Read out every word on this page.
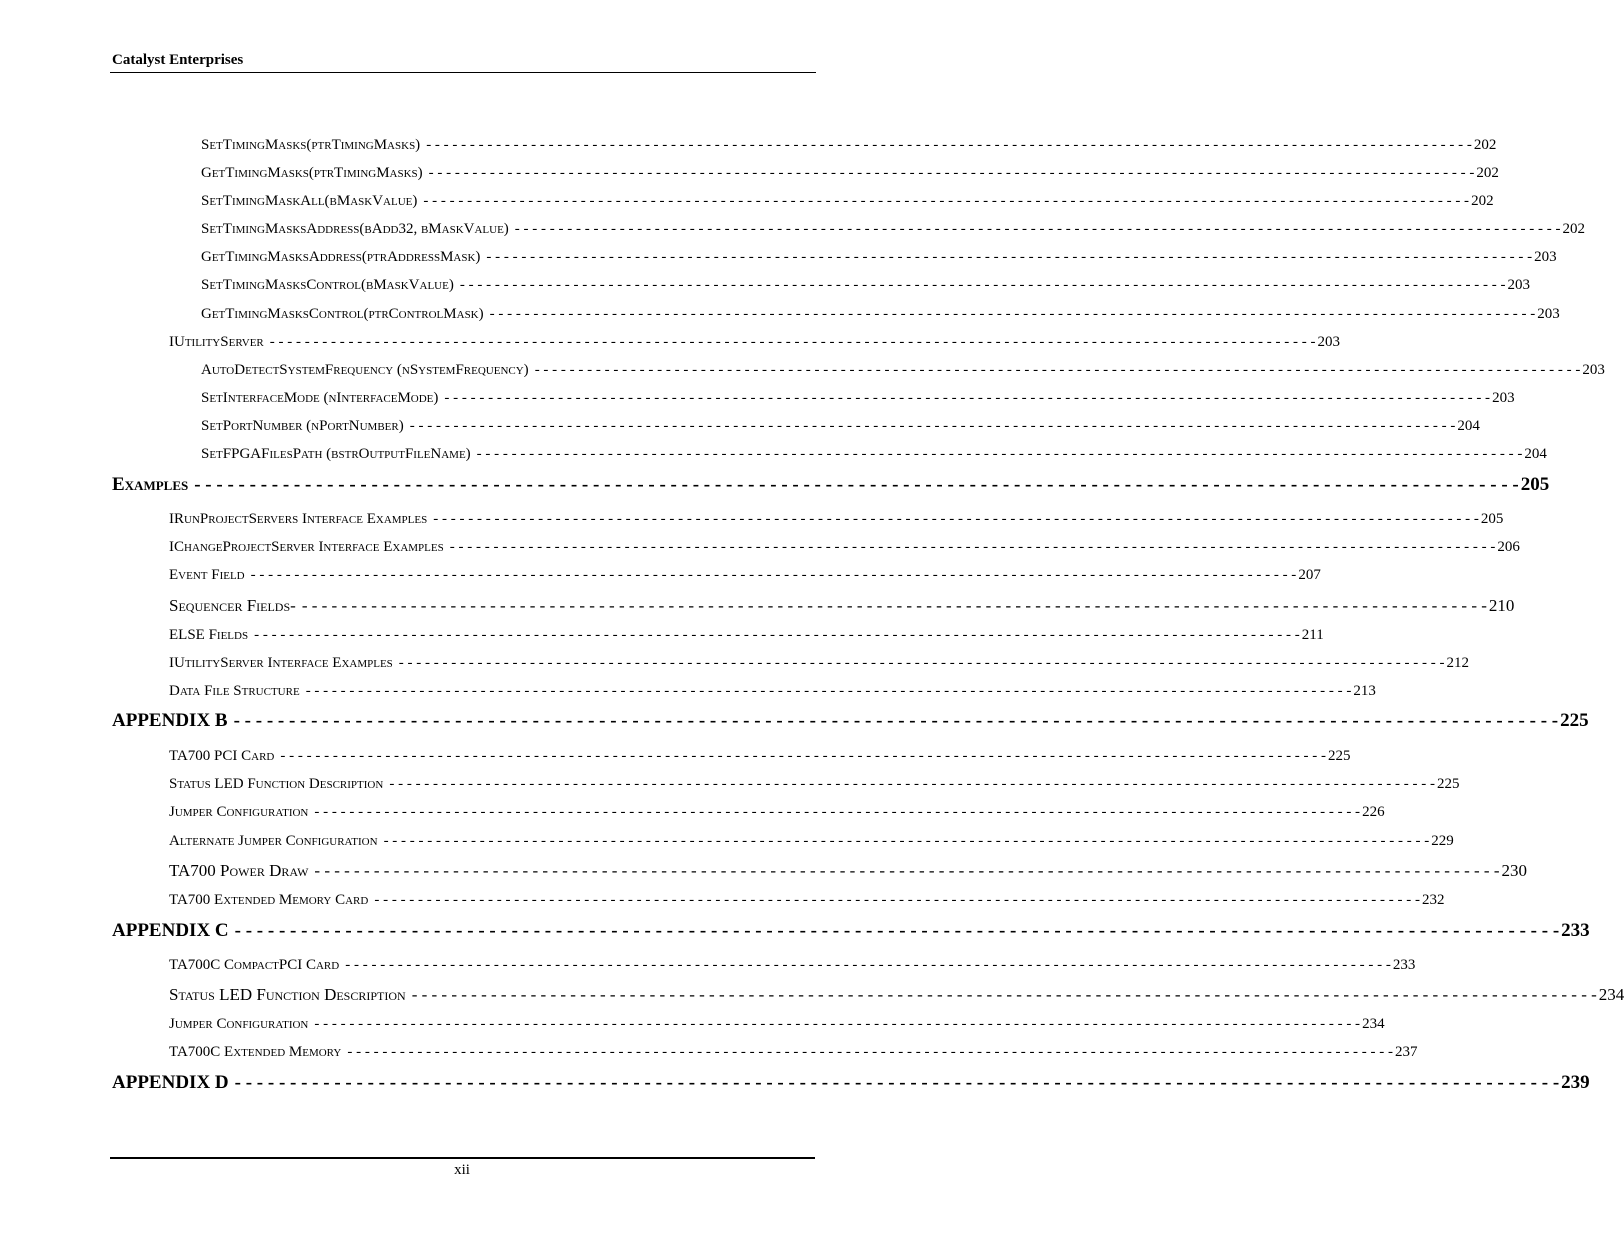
Catalyst Enterprises
SetTimingMasks(ptrTimingMasks) - - - - - - - - - - - - - - - - - - - - - - - - - - - - - - - - - - - - - - - - - - - - - - - - - - - - - - - - - - - - - - - - - - - - - - - - - - - - - - - - - - - - - - - - - - - - - - - - - - - - - - - - - - - - - - - - - - - - - - - - 202
GetTimingMasks(ptrTimingMasks) - - - - - - - - - - - - - - - - - - - - - - - - - - - - - - - - - - - - - - - - - - - - - - - - - - - - - - - - - - - - - - - - - - - - - - - - - - - - - - - - - - - - - - - - - - - - - - - - - - - - - - - - - - - - - - - - - - - - - - - - 202
SetTimingMaskAll(bMaskValue) - - - - - - - - - - - - - - - - - - - - - - - - - - - - - - - - - - - - - - - - - - - - - - - - - - - - - - - - - - - - - - - - - - - - - - - - - - - - - - - - - - - - - - - - - - - - - - - - - - - - - - - - - - - - - - - - - - - - - - - - 202
SetTimingMasksAddress(bAdd32, bMaskValue) - - - - - - - - - - - - - - - - - - - - - - - - - - - - - - - - - - - - - - - - - - - - - - - - - - - - - - - - - - - - - - - - - - - - - - - - - - - - - - - - - - - - - - - - - - - - - - - - - - - - - - - - - - - - - - - - - - - - - - - - 202
GetTimingMasksAddress(ptrAddressMask) - - - - - - - - - - - - - - - - - - - - - - - - - - - - - - - - - - - - - - - - - - - - - - - - - - - - - - - - - - - - - - - - - - - - - - - - - - - - - - - - - - - - - - - - - - - - - - - - - - - - - - - - - - - - - - - - - - - - - - - - 203
SetTimingMasksControl(bMaskValue) - - - - - - - - - - - - - - - - - - - - - - - - - - - - - - - - - - - - - - - - - - - - - - - - - - - - - - - - - - - - - - - - - - - - - - - - - - - - - - - - - - - - - - - - - - - - - - - - - - - - - - - - - - - - - - - - - - - - - - - - 203
GetTimingMasksControl(ptrControlMask) - - - - - - - - - - - - - - - - - - - - - - - - - - - - - - - - - - - - - - - - - - - - - - - - - - - - - - - - - - - - - - - - - - - - - - - - - - - - - - - - - - - - - - - - - - - - - - - - - - - - - - - - - - - - - - - - - - - - - - - - 203
IUtilityServer - - - - - - - - - - - - - - - - - - - - - - - - - - - - - - - - - - - - - - - - - - - - - - - - - - - - - - - - - - - - - - - - - - - - - - - - - - - - - - - - - - - - - - - - - - - - - - - - - - - - - - - - - - - - - - - - - - - - - - - - 203
AutoDetectSystemFrequency (nSystemFrequency) - - - - - - - - - - - - - - - - - - - - - - - - - - - - - - - - - - - - - - - - - - - - - - - - - - - - - - - - - - - - - - - - - - - - - - - - - - - - - - - - - - - - - - - - - - - - - - - - - - - - - - - - - - - - - - - - - - - - - - - - 203
SetInterfaceMode (nInterfaceMode) - - - - - - - - - - - - - - - - - - - - - - - - - - - - - - - - - - - - - - - - - - - - - - - - - - - - - - - - - - - - - - - - - - - - - - - - - - - - - - - - - - - - - - - - - - - - - - - - - - - - - - - - - - - - - - - - - - - - - - - - 203
SetPortNumber (nPortNumber) - - - - - - - - - - - - - - - - - - - - - - - - - - - - - - - - - - - - - - - - - - - - - - - - - - - - - - - - - - - - - - - - - - - - - - - - - - - - - - - - - - - - - - - - - - - - - - - - - - - - - - - - - - - - - - - - - - - - - - - - 204
SetFPGAFilesPath (bstrOutputFileName) - - - - - - - - - - - - - - - - - - - - - - - - - - - - - - - - - - - - - - - - - - - - - - - - - - - - - - - - - - - - - - - - - - - - - - - - - - - - - - - - - - - - - - - - - - - - - - - - - - - - - - - - - - - - - - - - - - - - - - - - 204
Examples - - - - - - - - - - - - - - - - - - - - - - - - - - - - - - - - - - - - - - - - - - - - - - - - - - - - - - - - - - - - - - - - - - - - - - - - - - - - - - - - - - - - - - - - - - - - - - - - - - - - - - - - - - - - - - - - - - - - - - - - 205
IRunProjectServers Interface Examples - - - - - - - - - - - - - - - - - - - - - - - - - - - - - - - - - - - - - - - - - - - - - - - - - - - - - - - - - - - - - - - - - - - - - - - - - - - - - - - - - - - - - - - - - - - - - - - - - - - - - - - - - - - - - - - - - - - - - - - - 205
IChangeProjectServer Interface Examples - - - - - - - - - - - - - - - - - - - - - - - - - - - - - - - - - - - - - - - - - - - - - - - - - - - - - - - - - - - - - - - - - - - - - - - - - - - - - - - - - - - - - - - - - - - - - - - - - - - - - - - - - - - - - - - - - - - - - - - - 206
Event Field - - - - - - - - - - - - - - - - - - - - - - - - - - - - - - - - - - - - - - - - - - - - - - - - - - - - - - - - - - - - - - - - - - - - - - - - - - - - - - - - - - - - - - - - - - - - - - - - - - - - - - - - - - - - - - - - - - - - - - - - 207
Sequencer Fields- - - - - - - - - - - - - - - - - - - - - - - - - - - - - - - - - - - - - - - - - - - - - - - - - - - - - - - - - - - - - - - - - - - - - - - - - - - - - - - - - - - - - - - - - - - - - - - - - - - - - - - - - - - - - - - - - - - - - - - - - 210
ELSE Fields - - - - - - - - - - - - - - - - - - - - - - - - - - - - - - - - - - - - - - - - - - - - - - - - - - - - - - - - - - - - - - - - - - - - - - - - - - - - - - - - - - - - - - - - - - - - - - - - - - - - - - - - - - - - - - - - - - - - - - - - 211
IUtilityServer Interface Examples - - - - - - - - - - - - - - - - - - - - - - - - - - - - - - - - - - - - - - - - - - - - - - - - - - - - - - - - - - - - - - - - - - - - - - - - - - - - - - - - - - - - - - - - - - - - - - - - - - - - - - - - - - - - - - - - - - - - - - - - 212
Data File Structure - - - - - - - - - - - - - - - - - - - - - - - - - - - - - - - - - - - - - - - - - - - - - - - - - - - - - - - - - - - - - - - - - - - - - - - - - - - - - - - - - - - - - - - - - - - - - - - - - - - - - - - - - - - - - - - - - - - - - - - - 213
APPENDIX B - - - - - - - - - - - - - - - - - - - - - - - - - - - - - - - - - - - - - - - - - - - - - - - - - - - - - - - - - - - - - - - - - - - - - - - - - - - - - - - - - - - - - - - - - - - - - - - - - - - - - - - - - - - - - - - - - - - - - - - - 225
TA700 PCI Card - - - - - - - - - - - - - - - - - - - - - - - - - - - - - - - - - - - - - - - - - - - - - - - - - - - - - - - - - - - - - - - - - - - - - - - - - - - - - - - - - - - - - - - - - - - - - - - - - - - - - - - - - - - - - - - - - - - - - - - - 225
Status LED Function Description - - - - - - - - - - - - - - - - - - - - - - - - - - - - - - - - - - - - - - - - - - - - - - - - - - - - - - - - - - - - - - - - - - - - - - - - - - - - - - - - - - - - - - - - - - - - - - - - - - - - - - - - - - - - - - - - - - - - - - - - 225
Jumper Configuration - - - - - - - - - - - - - - - - - - - - - - - - - - - - - - - - - - - - - - - - - - - - - - - - - - - - - - - - - - - - - - - - - - - - - - - - - - - - - - - - - - - - - - - - - - - - - - - - - - - - - - - - - - - - - - - - - - - - - - - - 226
Alternate Jumper Configuration - - - - - - - - - - - - - - - - - - - - - - - - - - - - - - - - - - - - - - - - - - - - - - - - - - - - - - - - - - - - - - - - - - - - - - - - - - - - - - - - - - - - - - - - - - - - - - - - - - - - - - - - - - - - - - - - - - - - - - - - 229
TA700 Power Draw - - - - - - - - - - - - - - - - - - - - - - - - - - - - - - - - - - - - - - - - - - - - - - - - - - - - - - - - - - - - - - - - - - - - - - - - - - - - - - - - - - - - - - - - - - - - - - - - - - - - - - - - - - - - - - - - - - - - - - - - 230
TA700 Extended Memory Card - - - - - - - - - - - - - - - - - - - - - - - - - - - - - - - - - - - - - - - - - - - - - - - - - - - - - - - - - - - - - - - - - - - - - - - - - - - - - - - - - - - - - - - - - - - - - - - - - - - - - - - - - - - - - - - - - - - - - - - - 232
APPENDIX C - - - - - - - - - - - - - - - - - - - - - - - - - - - - - - - - - - - - - - - - - - - - - - - - - - - - - - - - - - - - - - - - - - - - - - - - - - - - - - - - - - - - - - - - - - - - - - - - - - - - - - - - - - - - - - - - - - - - - - - - 233
TA700C CompactPCI Card - - - - - - - - - - - - - - - - - - - - - - - - - - - - - - - - - - - - - - - - - - - - - - - - - - - - - - - - - - - - - - - - - - - - - - - - - - - - - - - - - - - - - - - - - - - - - - - - - - - - - - - - - - - - - - - - - - - - - - - - 233
Status LED Function Description - - - - - - - - - - - - - - - - - - - - - - - - - - - - - - - - - - - - - - - - - - - - - - - - - - - - - - - - - - - - - - - - - - - - - - - - - - - - - - - - - - - - - - - - - - - - - - - - - - - - - - - - - - - - - - - - - - - - - - - - 234
Jumper Configuration - - - - - - - - - - - - - - - - - - - - - - - - - - - - - - - - - - - - - - - - - - - - - - - - - - - - - - - - - - - - - - - - - - - - - - - - - - - - - - - - - - - - - - - - - - - - - - - - - - - - - - - - - - - - - - - - - - - - - - - - 234
TA700C Extended Memory - - - - - - - - - - - - - - - - - - - - - - - - - - - - - - - - - - - - - - - - - - - - - - - - - - - - - - - - - - - - - - - - - - - - - - - - - - - - - - - - - - - - - - - - - - - - - - - - - - - - - - - - - - - - - - - - - - - - - - - - 237
APPENDIX D - - - - - - - - - - - - - - - - - - - - - - - - - - - - - - - - - - - - - - - - - - - - - - - - - - - - - - - - - - - - - - - - - - - - - - - - - - - - - - - - - - - - - - - - - - - - - - - - - - - - - - - - - - - - - - - - - - - - - - - - 239
xii
